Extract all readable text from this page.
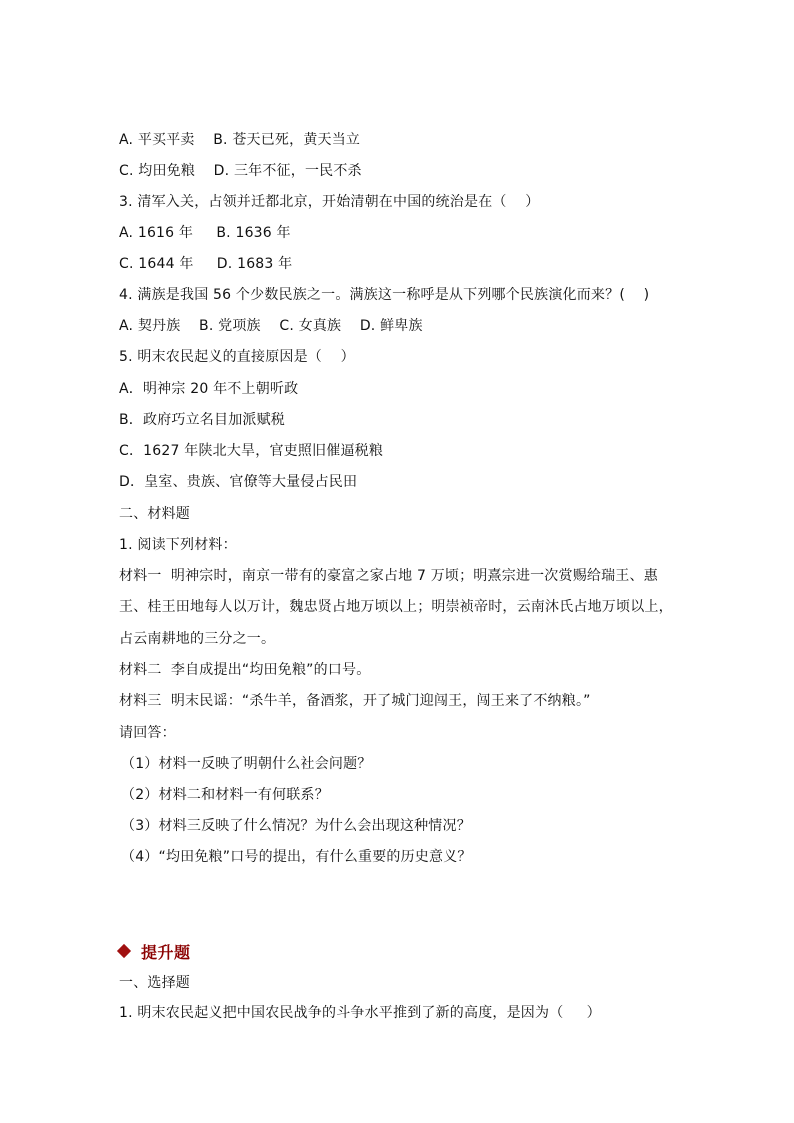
A. 平买平卖    B. 苍天已死，黄天当立
C. 均田免粮    D. 三年不征，一民不杀
3. 清军入关，占领并迁都北京，开始清朝在中国的统治是在（    ）
A. 1616 年     B. 1636 年
C. 1644 年     D. 1683 年
4. 满族是我国 56 个少数民族之一。满族这一称呼是从下列哪个民族演化而来？(    )
A. 契丹族    B. 党项族    C. 女真族    D. 鲜卑族
5. 明末农民起义的直接原因是（    ）
A．明神宗 20 年不上朝听政
B．政府巧立名目加派赋税
C．1627 年陕北大旱，官吏照旧催逼税粮
D．皇室、贵族、官僚等大量侵占民田
二、材料题
1. 阅读下列材料：
材料一  明神宗时，南京一带有的豪富之家占地 7 万顷；明熹宗进一次赏赐给瑞王、惠
王、桂王田地每人以万计，魏忠贤占地万顷以上；明崇祯帝时，云南沐氏占地万顷以上，
占云南耕地的三分之一。
材料二  李自成提出“均田免粮”的口号。
材料三  明末民谣：“杀牛羊，备酒浆，开了城门迎闯王，闯王来了不纳粮。”
请回答：
（1）材料一反映了明朝什么社会问题？
（2）材料二和材料一有何联系？
（3）材料三反映了什么情况？为什么会出现这种情况？
（4）“均田免粮”口号的提出，有什么重要的历史意义？
提升题
一、选择题
1. 明末农民起义把中国农民战争的斗争水平推到了新的高度，是因为（     ）
